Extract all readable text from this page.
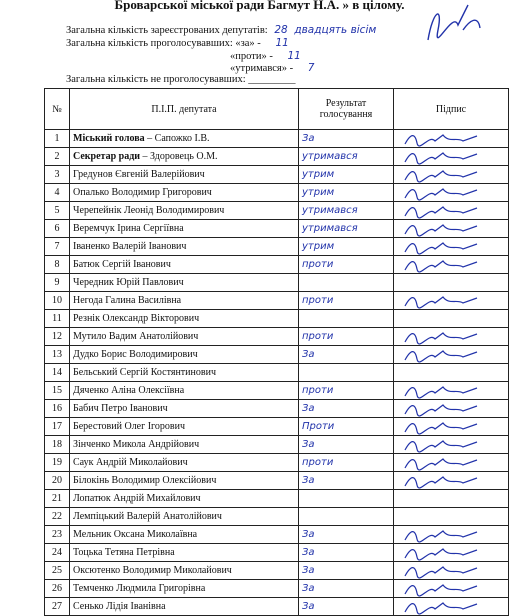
Броварської міської ради Багмут Н.А. » в цілому.
Загальна кількість зареєстрованих депутатів: 28 двадцять вісім
Загальна кількість проголосувавших: «за» - 11
«проти» - 11
«утримався» - 7
Загальна кількість не проголосувавших: _________
№	П.І.П. депутата	Результат голосування	Підпис
1	Міський голова – Сапожко І.В.	За	

2	Секретар ради – Здоровець О.М.	утримався	

3	Гредунов Євгеній Валерійович	утрим	

4	Опалько Володимир Григорович	утрим	

5	Черепейнік Леонід Володимирович	утримався	

6	Веремчук Ірина Сергіївна	утримався	

7	Іваненко Валерій Іванович	утрим	

8	Батюк Сергій Іванович	проти	

9	Чередник Юрій Павлович		
10	Негода Галина Василівна	проти	

11	Резнік Олександр Вікторович		
12	Мутило Вадим Анатолійович	проти	

13	Дудко Борис Володимирович	За	

14	Бельський Сергій Костянтинович		
15	Дяченко Аліна Олексіївна	проти	

16	Бабич Петро Іванович	За	

17	Берестовий Олег Ігорович	Проти	

18	Зінченко Микола Андрійович	За	

19	Саук Андрій Миколайович	проти	

20	Білокінь Володимир Олексійович	За	

21	Лопатюк Андрій Михайлович		
22	Лемпіцький Валерій Анатолійович		
23	Мельник Оксана Миколаївна	За	

24	Тоцька Тетяна Петрівна	За	

25	Оксютенко Володимир Миколайович	За	

26	Темченко Людмила Григорівна	За	

27	Сенько Лідія Іванівна	За	
